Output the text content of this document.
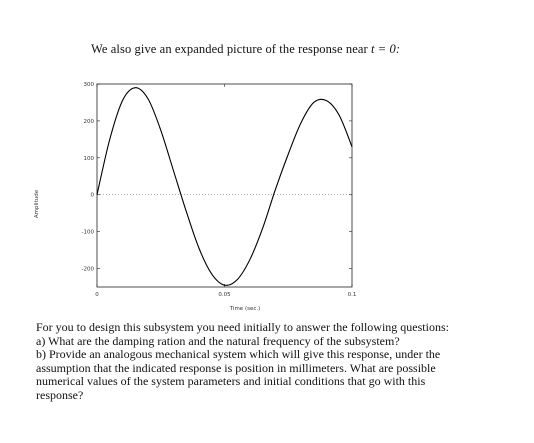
We also give an expanded picture of the response near t = 0:
300
200
100
0
-100
-200
0	0.05	0.1
Amplitude
Time (sec.)

For you to design this subsystem you need initially to answer the following questions:

a) What are the damping ration and the natural frequency of the subsystem?

b) Provide an analogous mechanical system which will give this response, under the

assumption that the indicated response is position in millimeters. What are possible

numerical values of the system parameters and initial conditions that go with this

response?
